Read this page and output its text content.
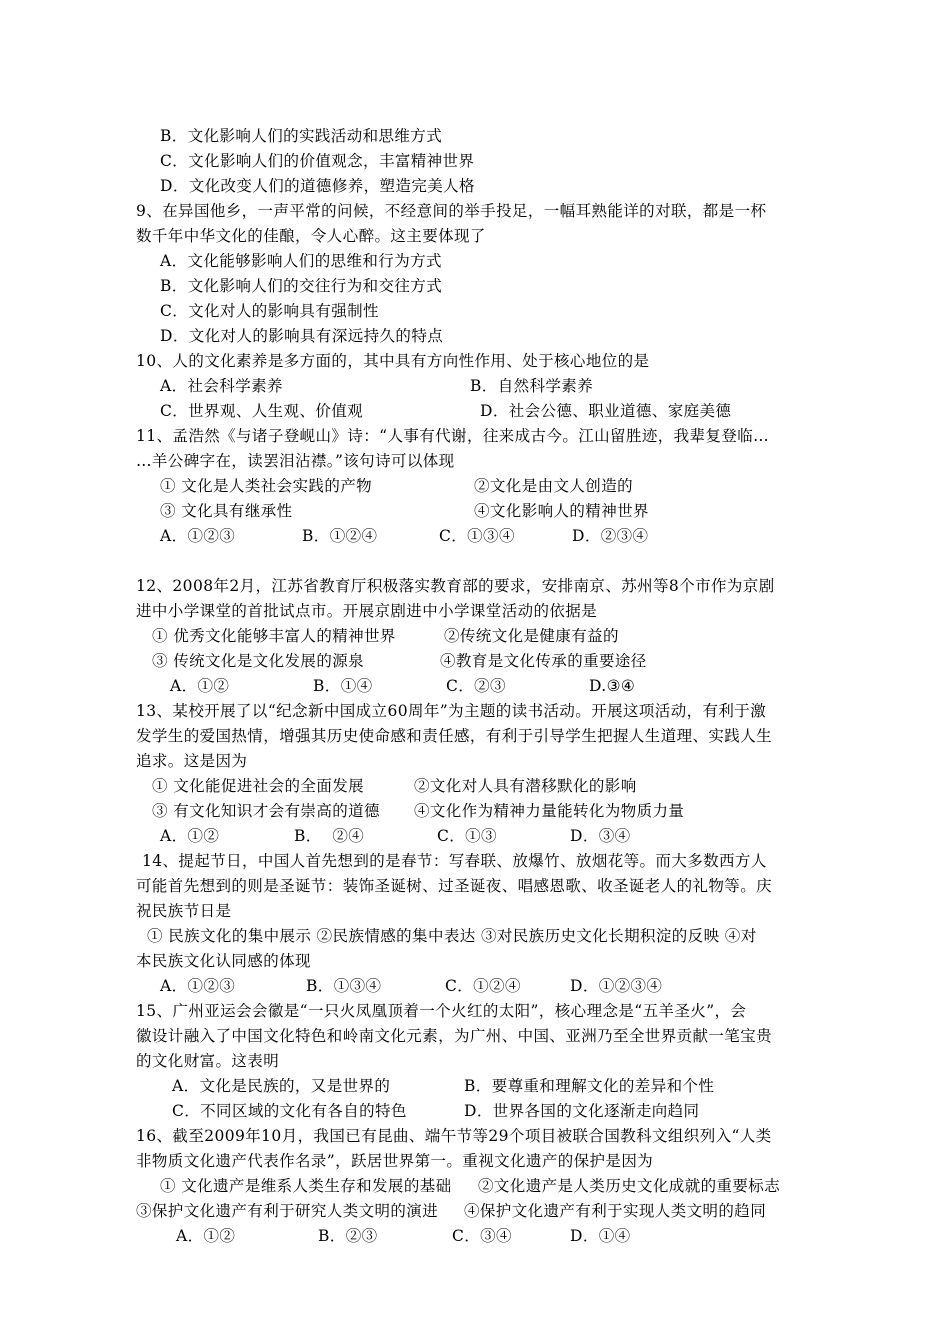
B．文化影响人们的实践活动和思维方式
C．文化影响人们的价值观念，丰富精神世界
D．文化改变人们的道德修养，塑造完美人格
9、在异国他乡，一声平常的问候，不经意间的举手投足，一幅耳熟能详的对联，都是一杯
数千年中华文化的佳酿，令人心醉。这主要体现了
A．文化能够影响人们的思维和行为方式
B．文化影响人们的交往行为和交往方式
C．文化对人的影响具有强制性
D．文化对人的影响具有深远持久的特点
10、人的文化素养是多方面的，其中具有方向性作用、处于核心地位的是
A．社会科学素养	B．自然科学素养
C．世界观、人生观、价值观	D．社会公德、职业道德、家庭美德
11、孟浩然《与诸子登岘山》诗：“人事有代谢，往来成古今。江山留胜迹，我辈复登临…
…羊公碑字在，读罢泪沾襟。”该句诗可以体现
① 文化是人类社会实践的产物	②文化是由文人创造的
③ 文化具有继承性	④文化影响人的精神世界
A．①②③	B．①②④	C．①③④	D．②③④
12、2008年2月，江苏省教育厅积极落实教育部的要求，安排南京、苏州等8个市作为京剧
进中小学课堂的首批试点市。开展京剧进中小学课堂活动的依据是
① 优秀文化能够丰富人的精神世界	②传统文化是健康有益的
③ 传统文化是文化发展的源泉	④教育是文化传承的重要途径
A．①②	B．①④	C．②③	D.③④
13、某校开展了以“纪念新中国成立60周年”为主题的读书活动。开展这项活动，有利于激
发学生的爱国热情，增强其历史使命感和责任感，有利于引导学生把握人生道理、实践人生
追求。这是因为
① 文化能促进社会的全面发展	②文化对人具有潜移默化的影响
③ 有文化知识才会有崇高的道德 ④文化作为精神力量能转化为物质力量
A．①②	B．  ②④	C．①③	D．③④
14、提起节日，中国人首先想到的是春节：写春联、放爆竹、放烟花等。而大多数西方人
可能首先想到的则是圣诞节：装饰圣诞树、过圣诞夜、唱感恩歌、收圣诞老人的礼物等。庆
祝民族节日是
① 民族文化的集中展示 ②民族情感的集中表达 ③对民族历史文化长期积淀的反映 ④对
本民族文化认同感的体现
A．①②③	B．①③④	C．①②④	D．①②③④
15、广州亚运会会徽是“一只火凤凰顶着一个火红的太阳”，核心理念是“五羊圣火”，会
徽设计融入了中国文化特色和岭南文化元素，为广州、中国、亚洲乃至全世界贡献一笔宝贵
的文化财富。这表明
A．文化是民族的，又是世界的	B．要尊重和理解文化的差异和个性
C．不同区域的文化有各自的特色	D．世界各国的文化逐渐走向趋同
16、截至2009年10月，我国已有昆曲、端午节等29个项目被联合国教科文组织列入“人类
非物质文化遗产代表作名录”，跃居世界第一。重视文化遗产的保护是因为
① 文化遗产是维系人类生存和发展的基础 ②文化遗产是人类历史文化成就的重要标志
③保护文化遗产有利于研究人类文明的演进 ④保护文化遗产有利于实现人类文明的趋同
A．①②	B．②③	C．③④	D．①④
